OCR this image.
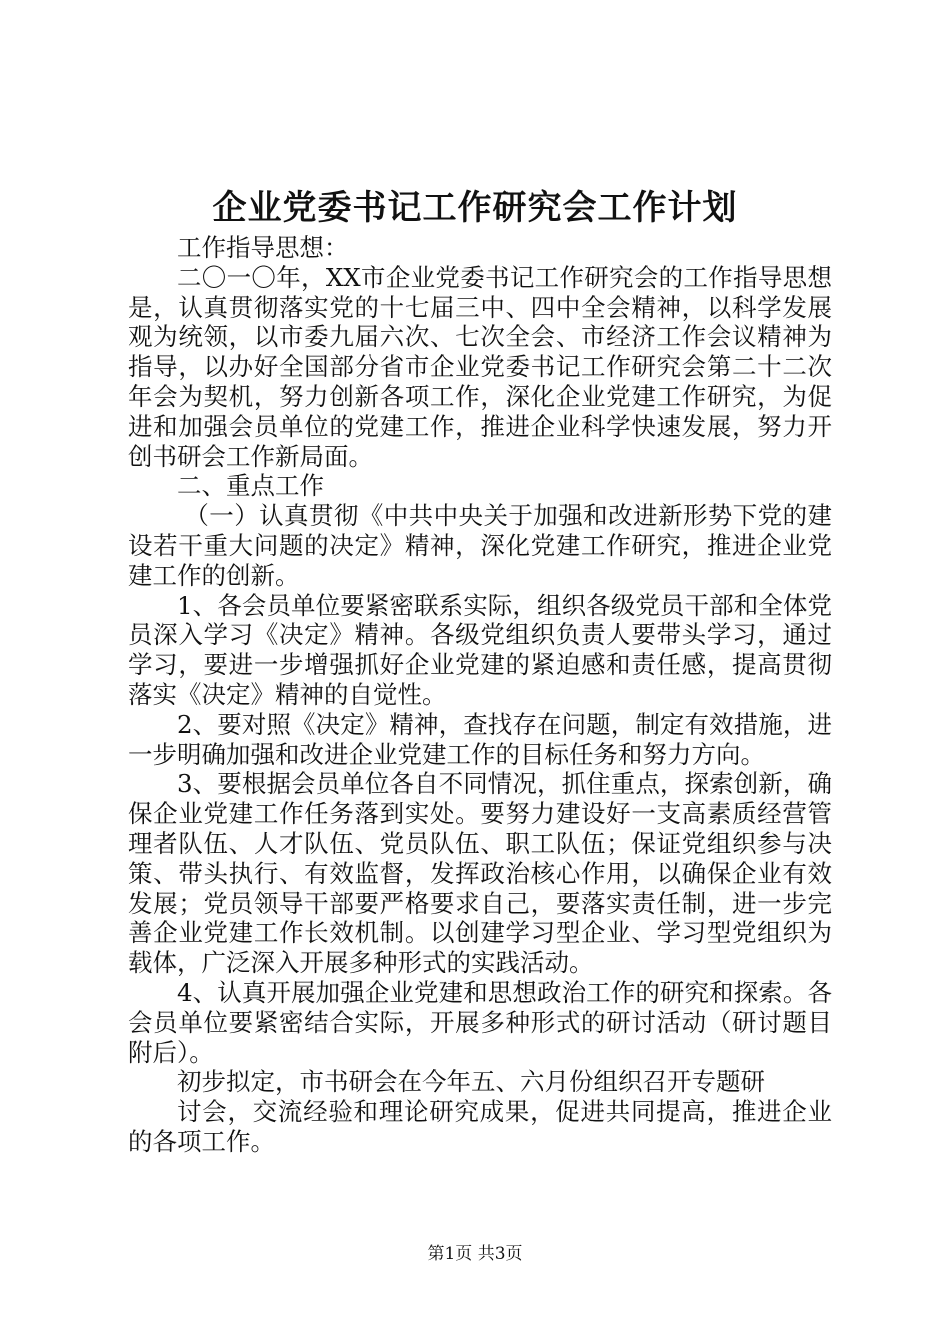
企业党委书记工作研究会工作计划

工作指导思想：

二〇一〇年，XX市企业党委书记工作研究会的工作指导思想是，认真贯彻落实党的十七届三中、四中全会精神，以科学发展观为统领，以市委九届六次、七次全会、市经济工作会议精神为指导，以办好全国部分省市企业党委书记工作研究会第二十二次年会为契机，努力创新各项工作，深化企业党建工作研究，为促进和加强会员单位的党建工作，推进企业科学快速发展，努力开创书研会工作新局面。

二、重点工作

（一）认真贯彻《中共中央关于加强和改进新形势下党的建设若干重大问题的决定》精神，深化党建工作研究，推进企业党建工作的创新。

1、各会员单位要紧密联系实际，组织各级党员干部和全体党员深入学习《决定》精神。各级党组织负责人要带头学习，通过学习，要进一步增强抓好企业党建的紧迫感和责任感，提高贯彻落实《决定》精神的自觉性。

2、要对照《决定》精神，查找存在问题，制定有效措施，进一步明确加强和改进企业党建工作的目标任务和努力方向。

3、要根据会员单位各自不同情况，抓住重点，探索创新，确保企业党建工作任务落到实处。要努力建设好一支高素质经营管理者队伍、人才队伍、党员队伍、职工队伍；保证党组织参与决策、带头执行、有效监督，发挥政治核心作用，以确保企业有效发展；党员领导干部要严格要求自己，要落实责任制，进一步完善企业党建工作长效机制。以创建学习型企业、学习型党组织为载体，广泛深入开展多种形式的实践活动。

4、认真开展加强企业党建和思想政治工作的研究和探索。各会员单位要紧密结合实际，开展多种形式的研讨活动（研讨题目附后）。

初步拟定，市书研会在今年五、六月份组织召开专题研

讨会，交流经验和理论研究成果，促进共同提高，推进企业的各项工作。

第1页 共3页
